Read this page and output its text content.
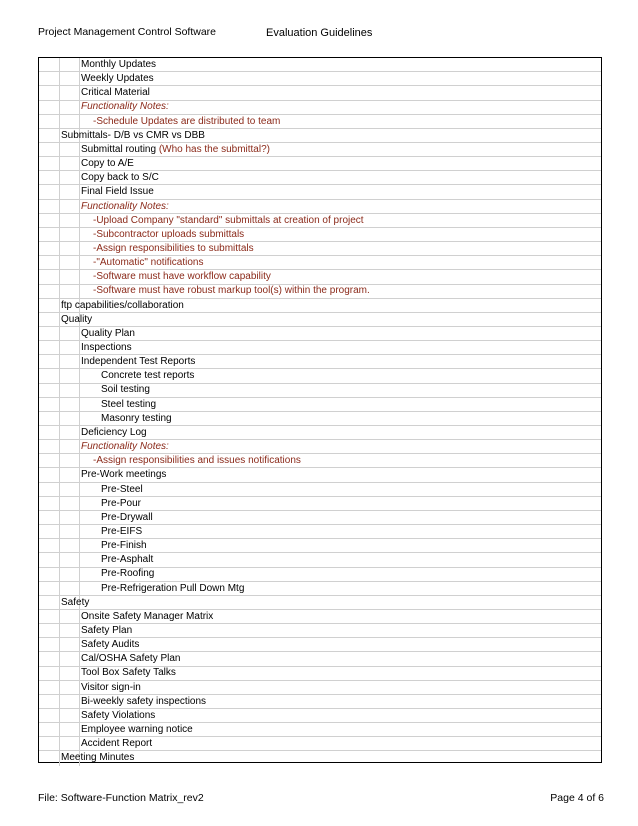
Project Management Control Software	Evaluation Guidelines
Monthly Updates
Weekly Updates
Critical Material
Functionality Notes:
-Schedule Updates are distributed to team
Submittals- D/B vs CMR vs DBB
Submittal routing (Who has the submittal?)
Copy to A/E
Copy back to S/C
Final Field Issue
Functionality Notes:
-Upload Company "standard" submittals at creation of project
-Subcontractor uploads submittals
-Assign responsibilities to submittals
-"Automatic" notifications
-Software must have workflow capability
-Software must have robust markup tool(s) within the program.
ftp capabilities/collaboration
Quality
Quality Plan
Inspections
Independent Test Reports
Concrete test reports
Soil testing
Steel testing
Masonry testing
Deficiency Log
Functionality Notes:
-Assign responsibilities and issues notifications
Pre-Work meetings
Pre-Steel
Pre-Pour
Pre-Drywall
Pre-EIFS
Pre-Finish
Pre-Asphalt
Pre-Roofing
Pre-Refrigeration Pull Down Mtg
Safety
Onsite Safety Manager Matrix
Safety Plan
Safety Audits
Cal/OSHA Safety Plan
Tool Box Safety Talks
Visitor sign-in
Bi-weekly safety inspections
Safety Violations
Employee warning notice
Accident Report
Meeting Minutes
File: Software-Function Matrix_rev2	Page 4 of 6
